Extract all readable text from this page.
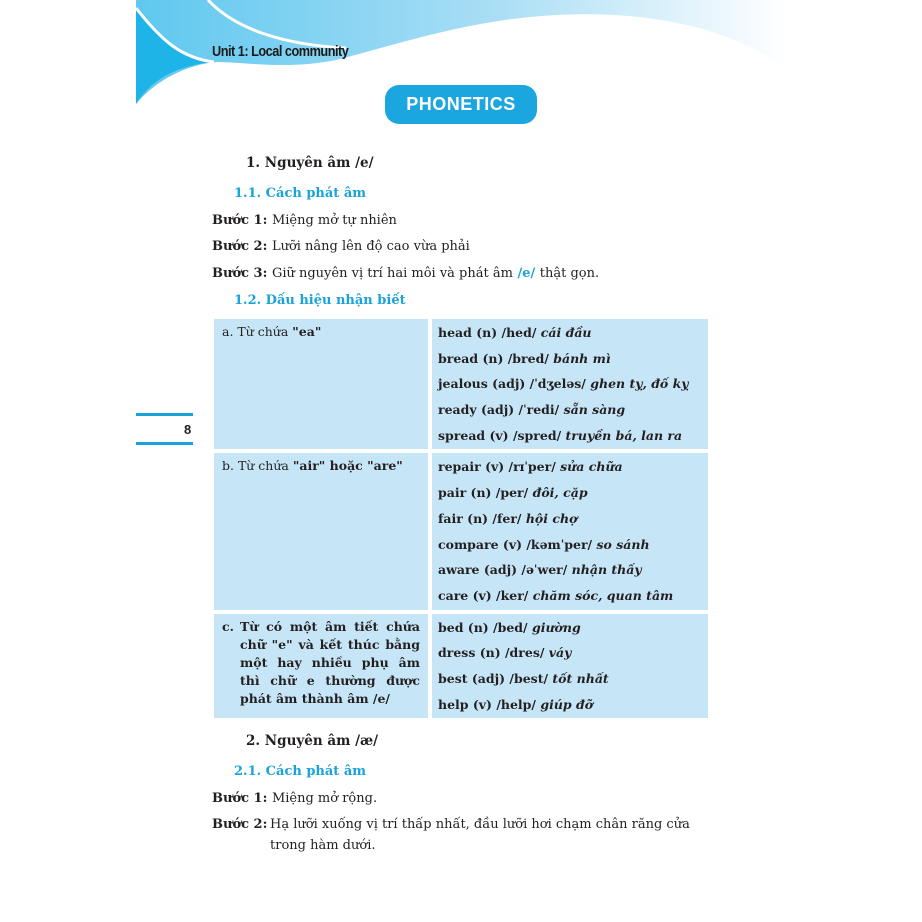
Unit 1: Local community
PHONETICS
1. Nguyên âm /e/
1.1. Cách phát âm
Bước 1: Miệng mở tự nhiên
Bước 2: Lưỡi nâng lên độ cao vừa phải
Bước 3: Giữ nguyên vị trí hai môi và phát âm /e/ thật gọn.
1.2. Dấu hiệu nhận biết
8
a. Từ chứa "ea"	head (n) /hed/ cái đầu
bread (n) /bred/ bánh mì
jealous (adj) /ˈdʒeləs/ ghen tỵ, đố kỵ
ready (adj) /ˈredi/ sẵn sàng
spread (v) /spred/ truyền bá, lan ra
b. Từ chứa "air" hoặc "are"	repair (v) /rɪˈper/ sửa chữa
pair (n) /per/ đôi, cặp
fair (n) /fer/ hội chợ
compare (v) /kəmˈper/ so sánh
aware (adj) /əˈwer/ nhận thấy
care (v) /ker/ chăm sóc, quan tâm
c. Từ có một âm tiết chứa chữ "e" và kết thúc bằng một hay nhiều phụ âm thì chữ e thường được phát âm thành âm /e/
bed (n) /bed/ giường
dress (n) /dres/ váy
best (adj) /best/ tốt nhất
help (v) /help/ giúp đỡ
2. Nguyên âm /æ/
2.1. Cách phát âm
Bước 1: Miệng mở rộng.
Bước 2: Hạ lưỡi xuống vị trí thấp nhất, đầu lưỡi hơi chạm chân răng cửa trong hàm dưới.
